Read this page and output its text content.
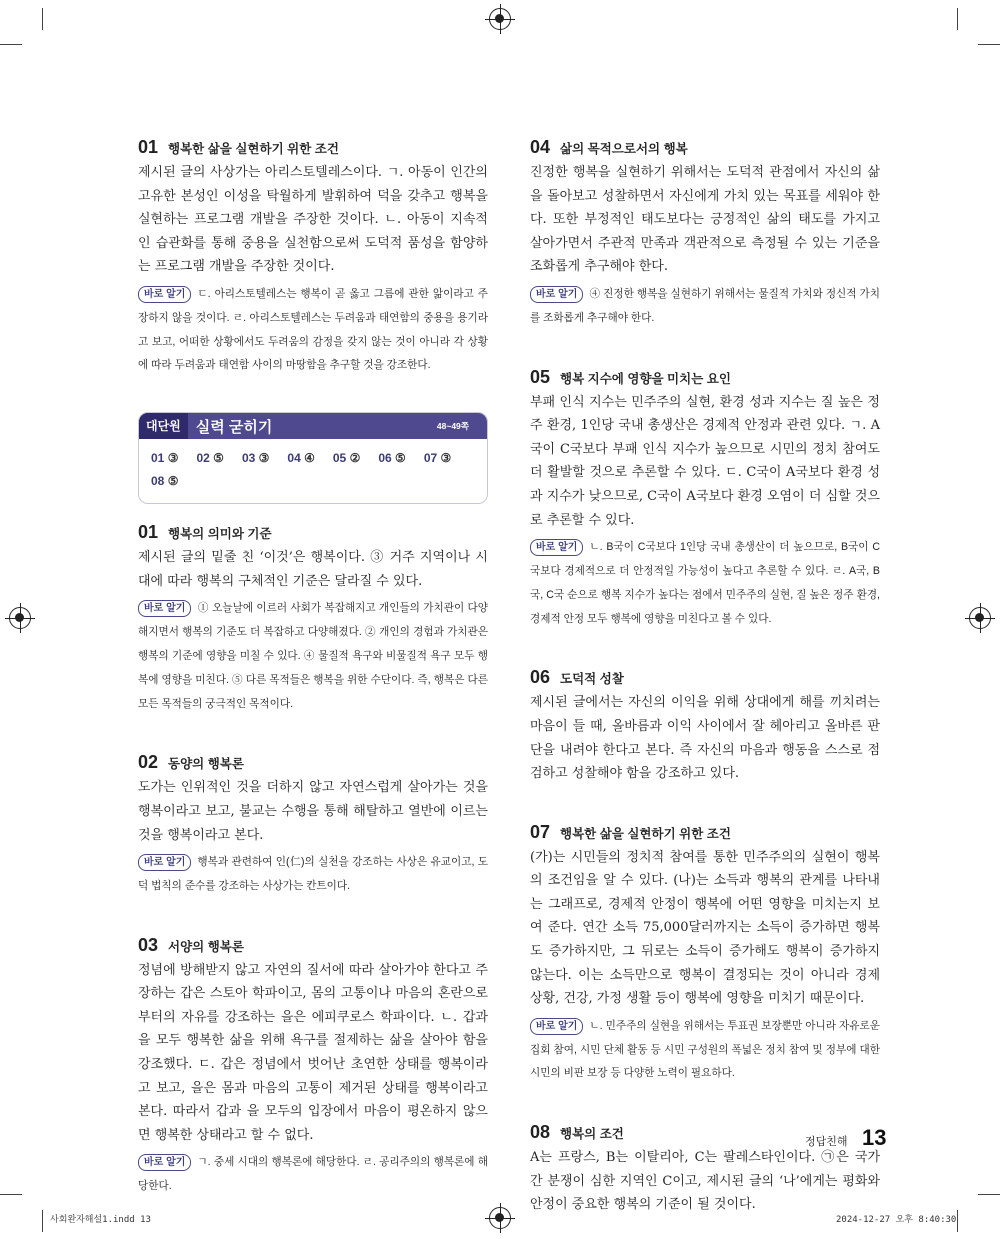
01 행복한 삶을 실현하기 위한 조건
제시된 글의 사상가는 아리스토텔레스이다. ㄱ. 아동이 인간의 고유한 본성인 이성을 탁월하게 발휘하여 덕을 갖추고 행복을 실현하는 프로그램 개발을 주장한 것이다. ㄴ. 아동이 지속적인 습관화를 통해 중용을 실천함으로써 도덕적 품성을 함양하는 프로그램 개발을 주장한 것이다.
바로 알기 ㄷ. 아리스토텔레스는 행복이 곧 옳고 그름에 관한 앎이라고 주장하지 않을 것이다. ㄹ. 아리스토텔레스는 두려움과 태연함의 중용을 용기라고 보고, 어떠한 상황에서도 두려움의 감정을 갖지 않는 것이 아니라 각 상황에 따라 두려움과 태연함 사이의 마땅함을 추구할 것을 강조한다.
대단원	실력 굳히기	48~49쪽
01 ③ 02 ⑤ 03 ③ 04 ④ 05 ② 06 ⑤ 07 ③
08 ⑤
01 행복의 의미와 기준
제시된 글의 밑줄 친 ‘이것’은 행복이다. ③ 거주 지역이나 시대에 따라 행복의 구체적인 기준은 달라질 수 있다.
바로 알기 ① 오늘날에 이르러 사회가 복잡해지고 개인들의 가치관이 다양해지면서 행복의 기준도 더 복잡하고 다양해졌다. ② 개인의 경험과 가치관은 행복의 기준에 영향을 미칠 수 있다. ④ 물질적 욕구와 비물질적 욕구 모두 행복에 영향을 미친다. ⑤ 다른 목적들은 행복을 위한 수단이다. 즉, 행복은 다른 모든 목적들의 궁극적인 목적이다.
02 동양의 행복론
도가는 인위적인 것을 더하지 않고 자연스럽게 살아가는 것을 행복이라고 보고, 불교는 수행을 통해 해탈하고 열반에 이르는 것을 행복이라고 본다.
바로 알기 행복과 관련하여 인(仁)의 실천을 강조하는 사상은 유교이고, 도덕 법칙의 준수를 강조하는 사상가는 칸트이다.
03 서양의 행복론
정념에 방해받지 않고 자연의 질서에 따라 살아가야 한다고 주장하는 갑은 스토아 학파이고, 몸의 고통이나 마음의 혼란으로부터의 자유를 강조하는 을은 에피쿠로스 학파이다. ㄴ. 갑과 을 모두 행복한 삶을 위해 욕구를 절제하는 삶을 살아야 함을 강조했다. ㄷ. 갑은 정념에서 벗어난 초연한 상태를 행복이라고 보고, 을은 몸과 마음의 고통이 제거된 상태를 행복이라고 본다. 따라서 갑과 을 모두의 입장에서 마음이 평온하지 않으면 행복한 상태라고 할 수 없다.
바로 알기 ㄱ. 중세 시대의 행복론에 해당한다. ㄹ. 공리주의의 행복론에 해당한다.
04 삶의 목적으로서의 행복
진정한 행복을 실현하기 위해서는 도덕적 관점에서 자신의 삶을 돌아보고 성찰하면서 자신에게 가치 있는 목표를 세워야 한다. 또한 부정적인 태도보다는 긍정적인 삶의 태도를 가지고 살아가면서 주관적 만족과 객관적으로 측정될 수 있는 기준을 조화롭게 추구해야 한다.
바로 알기 ④ 진정한 행복을 실현하기 위해서는 물질적 가치와 정신적 가치를 조화롭게 추구해야 한다.
05 행복 지수에 영향을 미치는 요인
부패 인식 지수는 민주주의 실현, 환경 성과 지수는 질 높은 정주 환경, 1인당 국내 총생산은 경제적 안정과 관련 있다. ㄱ. A국이 C국보다 부패 인식 지수가 높으므로 시민의 정치 참여도 더 활발할 것으로 추론할 수 있다. ㄷ. C국이 A국보다 환경 성과 지수가 낮으므로, C국이 A국보다 환경 오염이 더 심할 것으로 추론할 수 있다.
바로 알기 ㄴ. B국이 C국보다 1인당 국내 총생산이 더 높으므로, B국이 C국보다 경제적으로 더 안정적일 가능성이 높다고 추론할 수 있다. ㄹ. A국, B국, C국 순으로 행복 지수가 높다는 점에서 민주주의 실현, 질 높은 정주 환경, 경제적 안정 모두 행복에 영향을 미친다고 볼 수 있다.
06 도덕적 성찰
제시된 글에서는 자신의 이익을 위해 상대에게 해를 끼치려는 마음이 들 때, 올바름과 이익 사이에서 잘 헤아리고 올바른 판단을 내려야 한다고 본다. 즉 자신의 마음과 행동을 스스로 점검하고 성찰해야 함을 강조하고 있다.
07 행복한 삶을 실현하기 위한 조건
(가)는 시민들의 정치적 참여를 통한 민주주의의 실현이 행복의 조건임을 알 수 있다. (나)는 소득과 행복의 관계를 나타내는 그래프로, 경제적 안정이 행복에 어떤 영향을 미치는지 보여 준다. 연간 소득 75,000달러까지는 소득이 증가하면 행복도 증가하지만, 그 뒤로는 소득이 증가해도 행복이 증가하지 않는다. 이는 소득만으로 행복이 결정되는 것이 아니라 경제 상황, 건강, 가정 생활 등이 행복에 영향을 미치기 때문이다.
바로 알기 ㄴ. 민주주의 실현을 위해서는 투표권 보장뿐만 아니라 자유로운 집회 참여, 시민 단체 활동 등 시민 구성원의 폭넓은 정치 참여 및 정부에 대한 시민의 비판 보장 등 다양한 노력이 필요하다.
08 행복의 조건
A는 프랑스, B는 이탈리아, C는 팔레스타인이다. ㉠은 국가 간 분쟁이 심한 지역인 C이고, 제시된 글의 ‘나’에게는 평화와 안정이 중요한 행복의 기준이 될 것이다.
정답친해 13
사회완자해설1.indd 13	2024-12-27 오후 8:40:30
